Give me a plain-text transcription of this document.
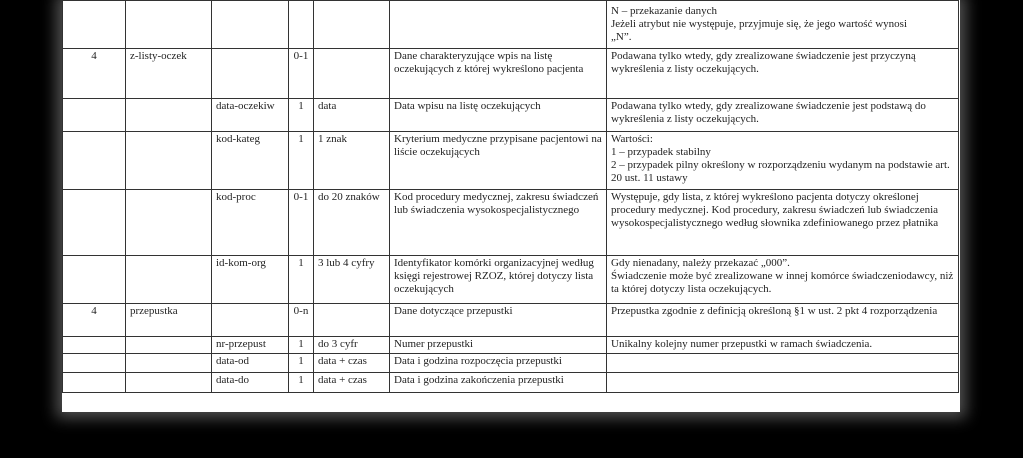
						N – przekazanie danych
Jeżeli atrybut nie występuje, przyjmuje się, że jego wartość wynosi
„N”.
4	z-listy-oczek		0-1		Dane charakteryzujące wpis na listę oczekujących z której wykreślono pacjenta	Podawana tylko wtedy, gdy zrealizowane świadczenie jest przyczyną wykreślenia z listy oczekujących.
		data-oczekiw	1	data	Data wpisu na listę oczekujących	Podawana tylko wtedy, gdy zrealizowane świadczenie jest podstawą do wykreślenia z listy oczekujących.
		kod-kateg	1	1 znak	Kryterium medyczne przypisane pacjentowi na liście oczekujących	Wartości:
1 – przypadek stabilny
2 – przypadek pilny określony w rozporządzeniu wydanym na podstawie art. 20 ust. 11 ustawy
		kod-proc	0-1	do 20 znaków	Kod procedury medycznej, zakresu świadczeń lub świadczenia wysokospecjalistycznego	Występuje, gdy lista, z której wykreślono pacjenta dotyczy określonej procedury medycznej. Kod procedury, zakresu świadczeń lub świadczenia wysokospecjalistycznego według słownika zdefiniowanego przez płatnika
		id-kom-org	1	3 lub 4 cyfry	Identyfikator komórki organizacyjnej według księgi rejestrowej RZOZ, której dotyczy lista oczekujących	Gdy nienadany, należy przekazać „000”.
Świadczenie może być zrealizowane w innej komórce świadczeniodawcy, niż ta której dotyczy lista oczekujących.
4	przepustka		0-n		Dane dotyczące przepustki	Przepustka zgodnie z definicją określoną §1 w ust. 2 pkt 4 rozporządzenia
		nr-przepust	1	do 3 cyfr	Numer przepustki	Unikalny kolejny numer przepustki w ramach świadczenia.
		data-od	1	data + czas	Data i godzina rozpoczęcia przepustki	
		data-do	1	data + czas	Data i godzina zakończenia przepustki	
